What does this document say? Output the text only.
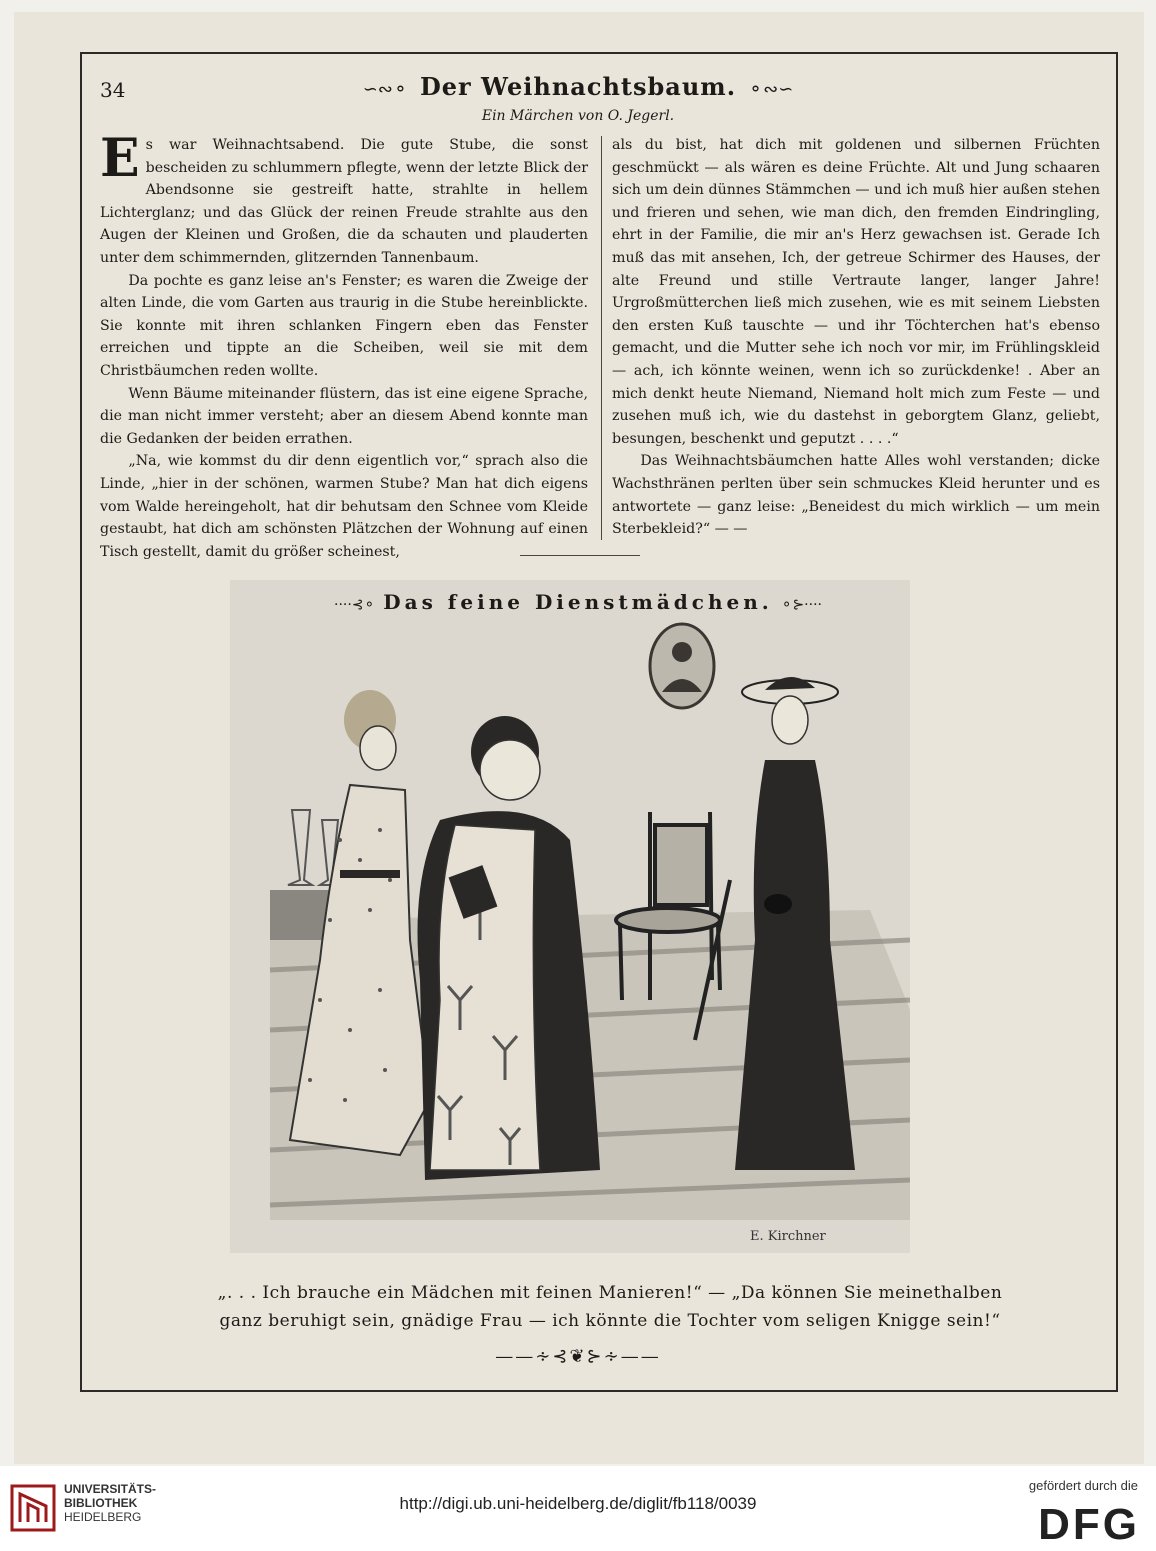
34	∽∾⚬ Der Weihnachtsbaum. ⚬∾∽
Ein Märchen von O. Jegerl.

Es war Weihnachtsabend. Die gute Stube, die sonst bescheiden zu schlummern pflegte, wenn der letzte Blick der Abendsonne sie gestreift hatte, strahlte in hellem Lichterglanz; und das Glück der reinen Freude strahlte aus den Augen der Kleinen und Großen, die da schauten und plauderten unter dem schimmernden, glitzernden Tannenbaum.

Da pochte es ganz leise an's Fenster; es waren die Zweige der alten Linde, die vom Garten aus traurig in die Stube hereinblickte. Sie konnte mit ihren schlanken Fingern eben das Fenster erreichen und tippte an die Scheiben, weil sie mit dem Christbäumchen reden wollte.

Wenn Bäume miteinander flüstern, das ist eine eigene Sprache, die man nicht immer versteht; aber an diesem Abend konnte man die Gedanken der beiden errathen.

„Na, wie kommst du dir denn eigentlich vor,“ sprach also die Linde, „hier in der schönen, warmen Stube? Man hat dich eigens vom Walde hereingeholt, hat dir behutsam den Schnee vom Kleide gestaubt, hat dich am schönsten Plätzchen der Wohnung auf einen Tisch gestellt, damit du größer scheinest,

als du bist, hat dich mit goldenen und silbernen Früchten geschmückt — als wären es deine Früchte. Alt und Jung schaaren sich um dein dünnes Stämmchen — und ich muß hier außen stehen und frieren und sehen, wie man dich, den fremden Eindringling, ehrt in der Familie, die mir an's Herz gewachsen ist. Gerade Ich muß das mit ansehen, Ich, der getreue Schirmer des Hauses, der alte Freund und stille Vertraute langer, langer Jahre! Urgroßmütterchen ließ mich zusehen, wie es mit seinem Liebsten den ersten Kuß tauschte — und ihr Töchterchen hat's ebenso gemacht, und die Mutter sehe ich noch vor mir, im Frühlingskleid — ach, ich könnte weinen, wenn ich so zurückdenke! . Aber an mich denkt heute Niemand, Niemand holt mich zum Feste — und zusehen muß ich, wie du dastehst in geborgtem Glanz, geliebt, besungen, beschenkt und geputzt . . . .“

Das Weihnachtsbäumchen hatte Alles wohl verstanden; dicke Wachsthränen perlten über sein schmuckes Kleid herunter und es antwortete — ganz leise: „Beneidest du mich wirklich — um mein Sterbekleid?“ — —

E. Kirchner
····⊰⚬ Das feine Dienstmädchen. ⚬⊱····

„. . . Ich brauche ein Mädchen mit feinen Manieren!“ — „Da können Sie meinethalben

ganz beruhigt sein, gnädige Frau — ich könnte die Tochter vom seligen Knigge sein!“

——∻⊰❦⊱∻——
UNIVERSITÄTS-
BIBLIOTHEK
HEIDELBERG
http://digi.ub.uni-heidelberg.de/diglit/fb118/0039
gefördert durch die
DFG
